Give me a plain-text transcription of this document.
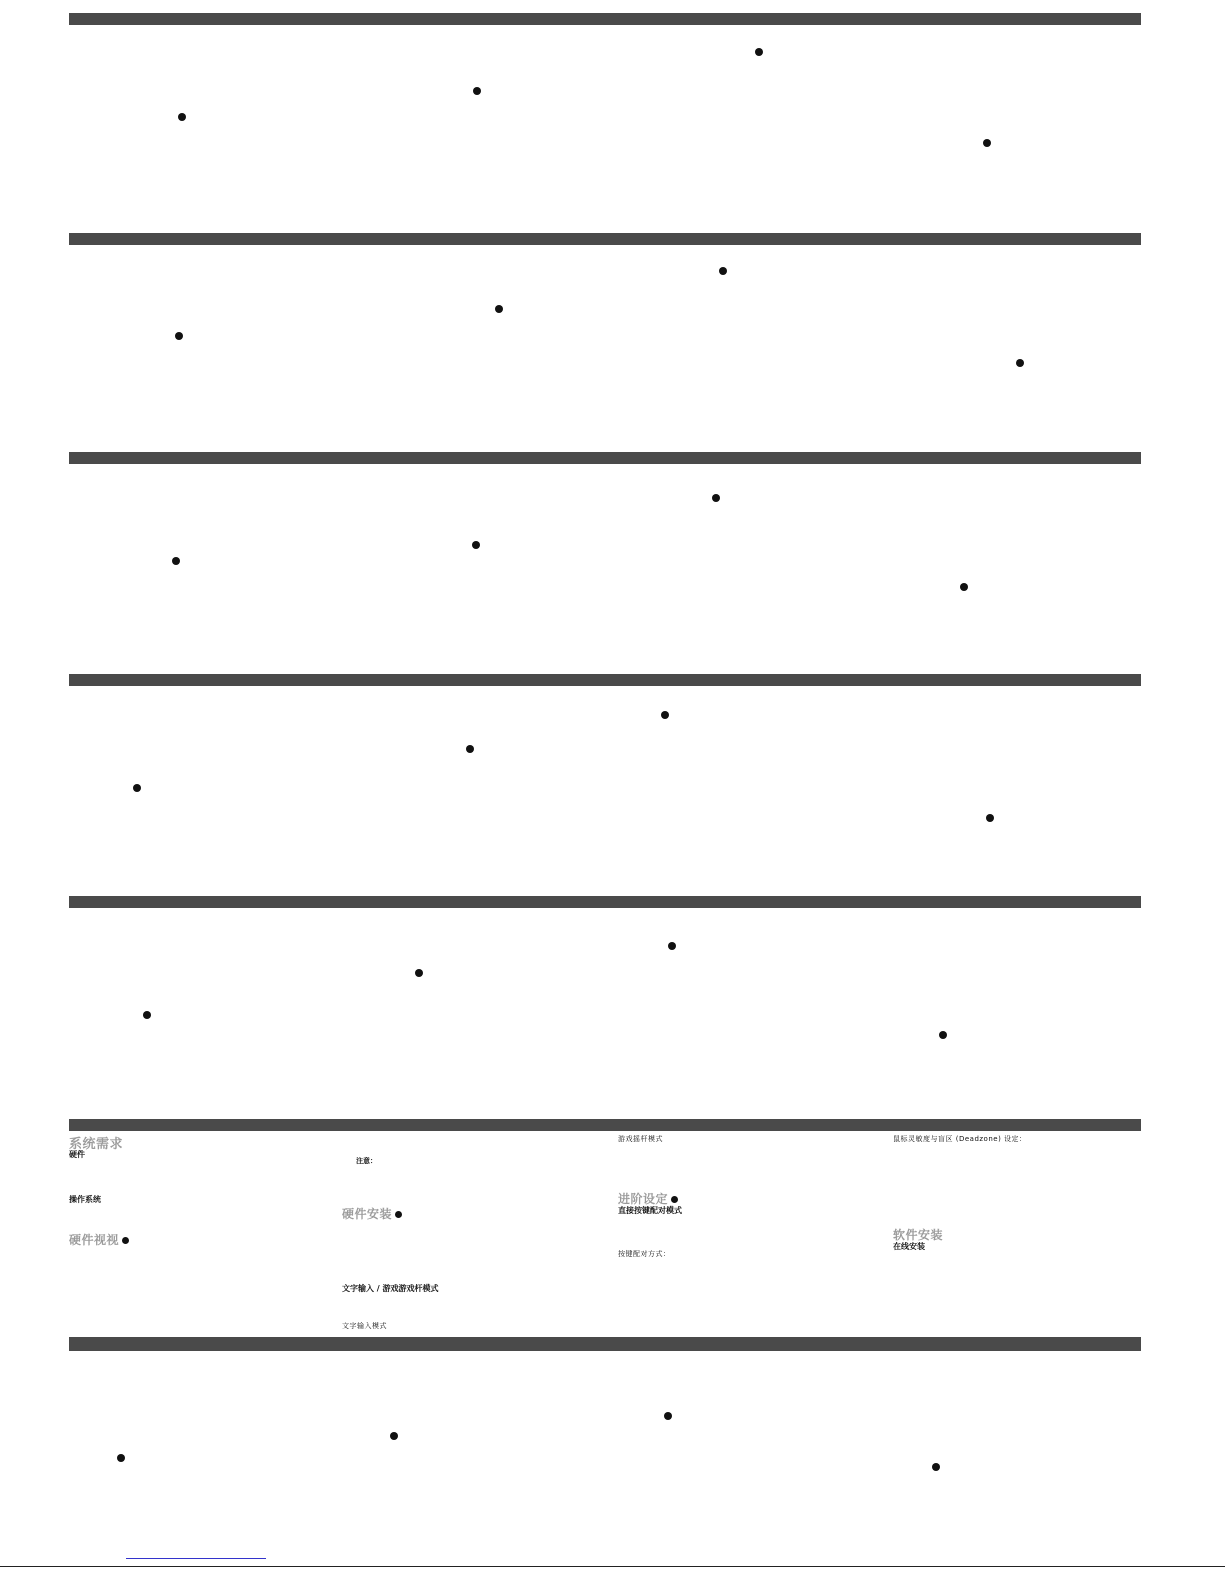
系统需求
硬件
操作系统
硬件视视
注意：
硬件安装
文字输入 / 游戏游戏杆模式
文字输入模式
游戏摇杆模式
进阶设定
直接按键配对模式
按键配对方式：
鼠标灵敏度与盲区 (Deadzone) 设定：
软件安装
在线安装
